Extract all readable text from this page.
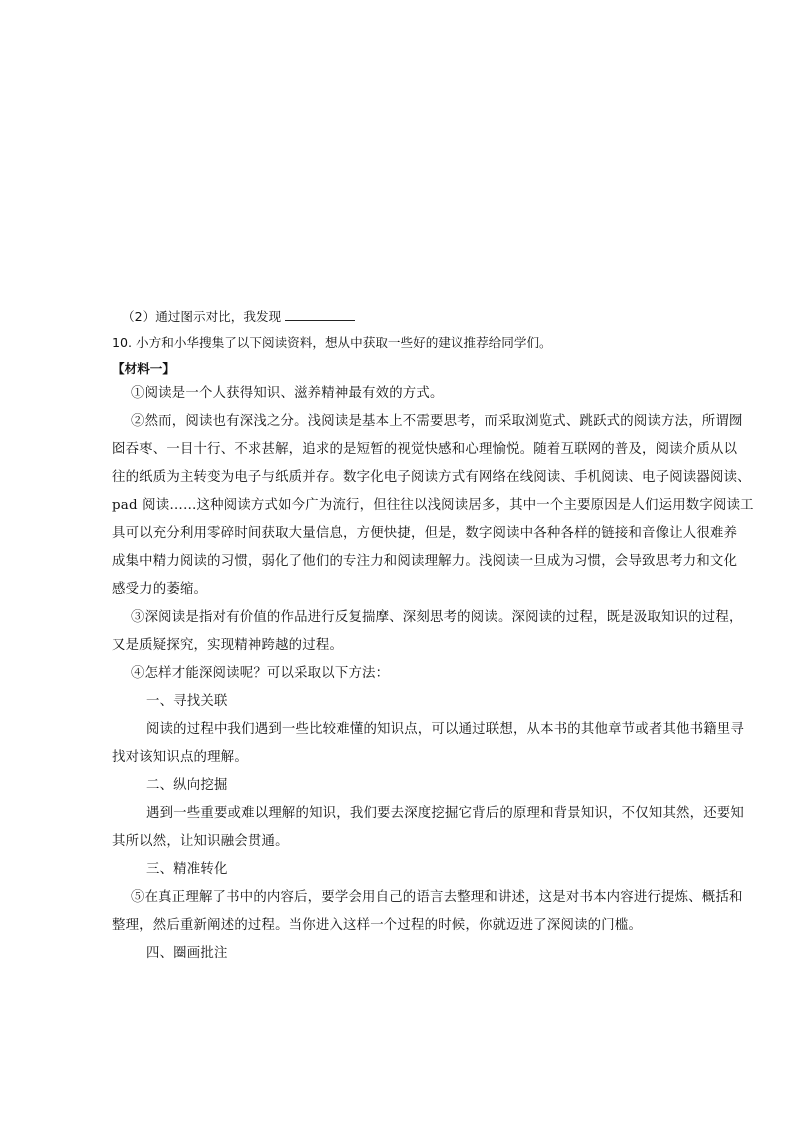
（2）通过图示对比，我发现
10. 小方和小华搜集了以下阅读资料，想从中获取一些好的建议推荐给同学们。
【材料一】
①阅读是一个人获得知识、滋养精神最有效的方式。
②然而，阅读也有深浅之分。浅阅读是基本上不需要思考，而采取浏览式、跳跃式的阅读方法，所谓囫
囵吞枣、一目十行、不求甚解，追求的是短暂的视觉快感和心理愉悦。随着互联网的普及，阅读介质从以
往的纸质为主转变为电子与纸质并存。数字化电子阅读方式有网络在线阅读、手机阅读、电子阅读器阅读、
pad 阅读……这种阅读方式如今广为流行，但往往以浅阅读居多，其中一个主要原因是人们运用数字阅读工
具可以充分利用零碎时间获取大量信息，方便快捷，但是，数字阅读中各种各样的链接和音像让人很难养
成集中精力阅读的习惯，弱化了他们的专注力和阅读理解力。浅阅读一旦成为习惯，会导致思考力和文化
感受力的萎缩。
③深阅读是指对有价值的作品进行反复揣摩、深刻思考的阅读。深阅读的过程，既是汲取知识的过程，
又是质疑探究，实现精神跨越的过程。
④怎样才能深阅读呢？可以采取以下方法：
一、寻找关联
阅读的过程中我们遇到一些比较难懂的知识点，可以通过联想，从本书的其他章节或者其他书籍里寻
找对该知识点的理解。
二、纵向挖掘
遇到一些重要或难以理解的知识，我们要去深度挖掘它背后的原理和背景知识，不仅知其然，还要知
其所以然，让知识融会贯通。
三、精准转化
⑤在真正理解了书中的内容后，要学会用自己的语言去整理和讲述，这是对书本内容进行提炼、概括和
整理，然后重新阐述的过程。当你进入这样一个过程的时候，你就迈进了深阅读的门槛。
四、圈画批注
